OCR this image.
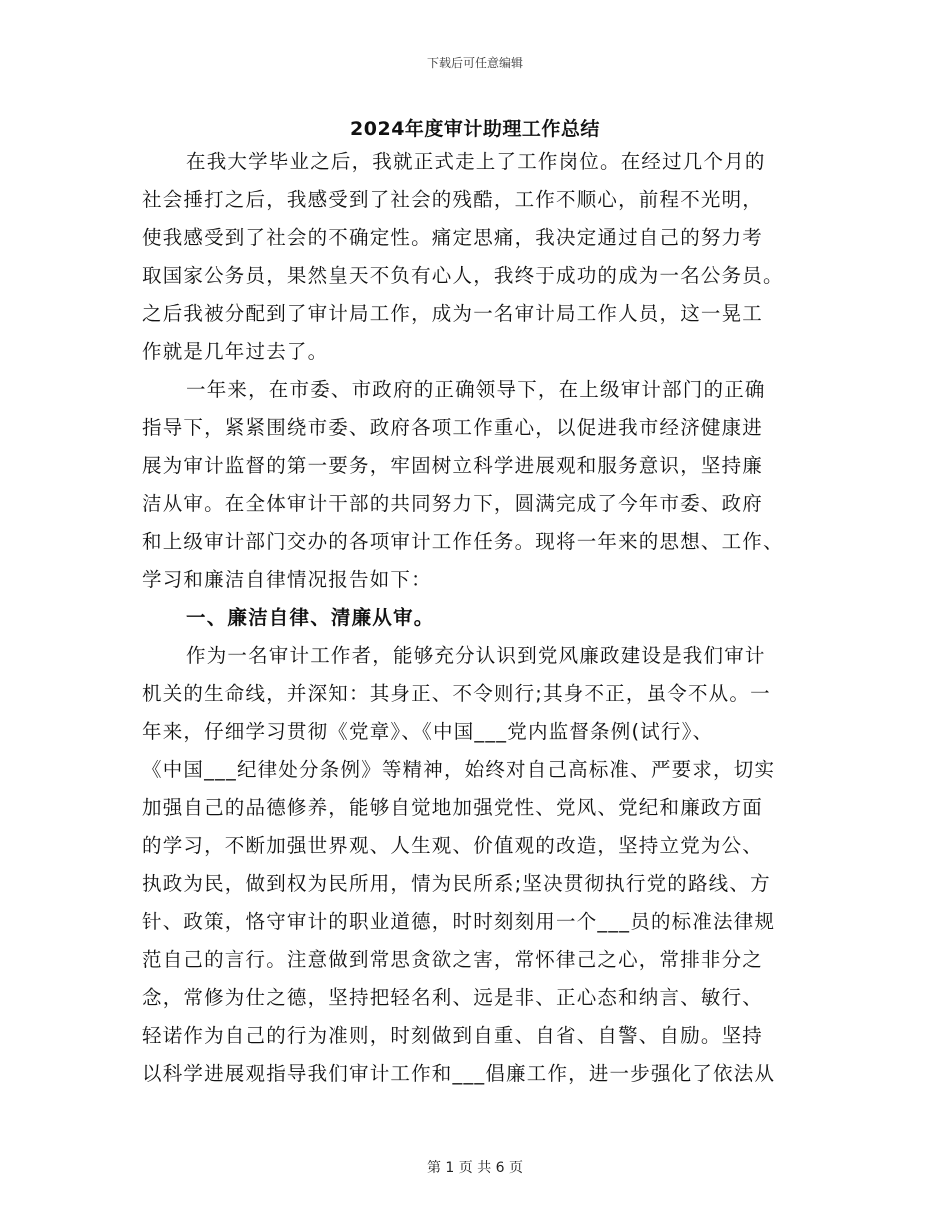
下载后可任意编辑
2024年度审计助理工作总结
在我大学毕业之后，我就正式走上了工作岗位。在经过几个月的
社会捶打之后，我感受到了社会的残酷，工作不顺心，前程不光明，
使我感受到了社会的不确定性。痛定思痛，我决定通过自己的努力考
取国家公务员，果然皇天不负有心人，我终于成功的成为一名公务员。
之后我被分配到了审计局工作，成为一名审计局工作人员，这一晃工
作就是几年过去了。
一年来，在市委、市政府的正确领导下，在上级审计部门的正确
指导下，紧紧围绕市委、政府各项工作重心，以促进我市经济健康进
展为审计监督的第一要务，牢固树立科学进展观和服务意识，坚持廉
洁从审。在全体审计干部的共同努力下，圆满完成了今年市委、政府
和上级审计部门交办的各项审计工作任务。现将一年来的思想、工作、
学习和廉洁自律情况报告如下：
一、廉洁自律、清廉从审。
作为一名审计工作者，能够充分认识到党风廉政建设是我们审计
机关的生命线，并深知：其身正、不令则行;其身不正，虽令不从。一
年来，仔细学习贯彻《党章》、《中国___党内监督条例(试行》、
《中国___纪律处分条例》等精神，始终对自己高标准、严要求，切实
加强自己的品德修养，能够自觉地加强党性、党风、党纪和廉政方面
的学习，不断加强世界观、人生观、价值观的改造，坚持立党为公、
执政为民，做到权为民所用，情为民所系;坚决贯彻执行党的路线、方
针、政策，恪守审计的职业道德，时时刻刻用一个___员的标准法律规
范自己的言行。注意做到常思贪欲之害，常怀律己之心，常排非分之
念，常修为仕之德，坚持把轻名利、远是非、正心态和纳言、敏行、
轻诺作为自己的行为准则，时刻做到自重、自省、自警、自励。坚持
以科学进展观指导我们审计工作和___倡廉工作，进一步强化了依法从
第 1 页 共 6 页
